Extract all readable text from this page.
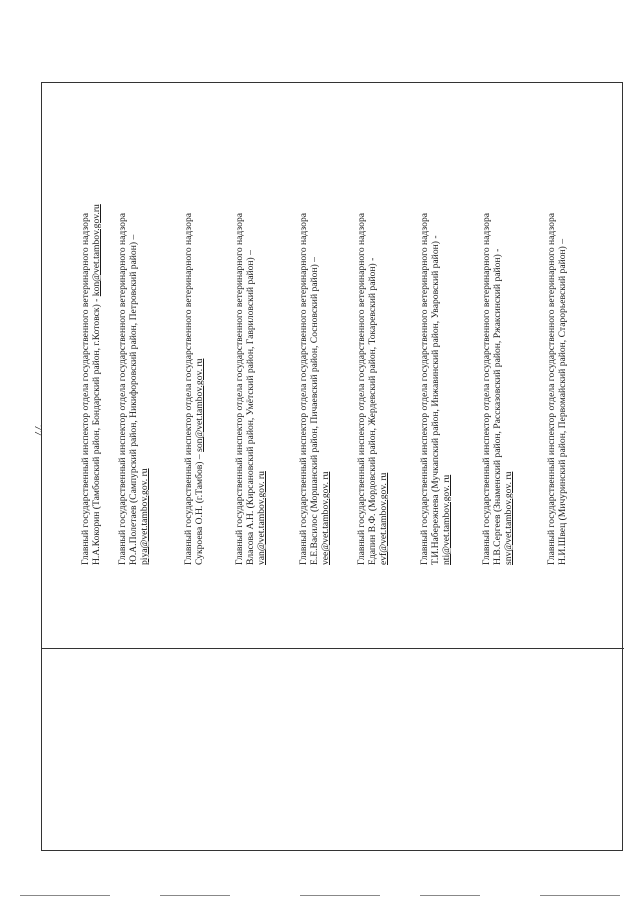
77	Главный государственный инспектор отдела государственного ветеринарного надзора Н.А.Кокорин (Тамбовский район, Бондарский район, г.Котовск) - kon@vet.tambov.gov.ru Главный государственный инспектор отдела государственного ветеринарного надзора Ю.А.Полетаев (Сампурский район, Никифоровский район, Петровский район) – piya@vet.tambov.gov. ru	Главный государственный инспектор отдела государственного ветеринарного надзора Сукроева О.Н. (г.Тамбов) – son@vet.tambov.gov. ru	Главный государственный инспектор отдела государственного ветеринарного надзора Власова А.Н. (Кирсановский район, Умётский район, Гавриловский район) – van@vet.tambov.gov. ru	Главный государственный инспектор отдела государственного ветеринарного надзора Е.Е.Василос (Моршанский район, Пичаевский район, Сосновский район) – vee@vet.tambov.gov. ru	Главный государственный инспектор отдела государственного ветеринарного надзора Едапин В.Ф. (Мордовский район, Жердевский район, Токаревский район) - evf@vet.tambov.gov. ru	Главный государственный инспектор отдела государственного ветеринарного надзора Т.И.Набережнева (Мучкапский район, Инжавинский район, Уваровский район) - nti@vet.tambov.gov. ru	Главный государственный инспектор отдела государственного ветеринарного надзора Н.В.Сергеев (Знаменский район, Рассказовский район, Ржаксинский район) - snv@vet.tambov.gov. ru	Главный государственный инспектор отдела государственного ветеринарного надзора Н.И.Швец (Мичуринский район, Первомайский район, Старорьевский район) –
